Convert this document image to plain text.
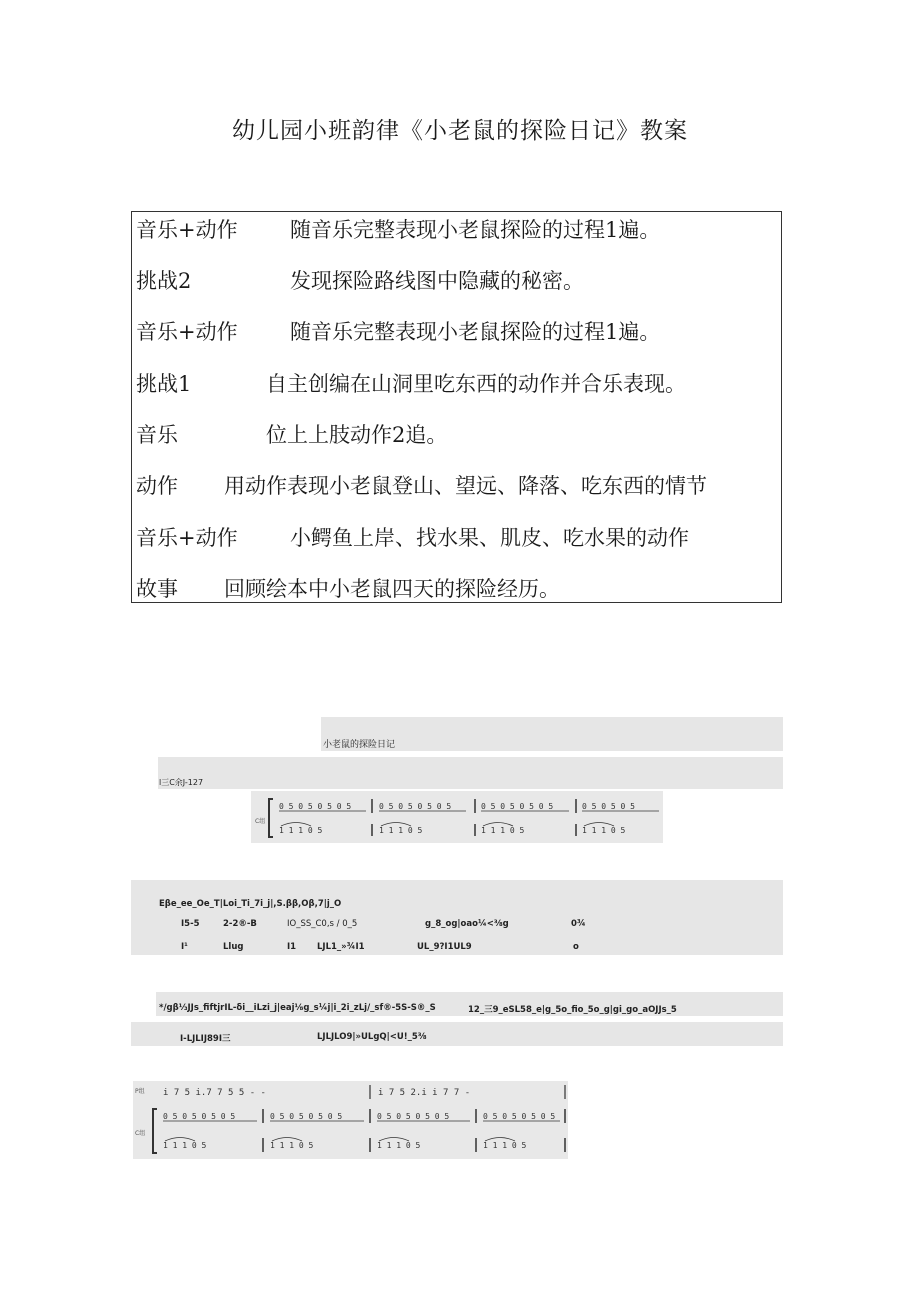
幼儿园小班韵律《小老鼠的探险日记》教案
音乐+动作 随音乐完整表现小老鼠探险的过程1遍。
挑战2	发现探险路线图中隐藏的秘密。
音乐+动作 随音乐完整表现小老鼠探险的过程1遍。
挑战1	自主创编在山洞里吃东西的动作并合乐表现。
音乐	位上上肢动作2追。
动作 用动作表现小老鼠登山、望远、降落、吃东西的情节
音乐+动作 小鳄鱼上岸、找水果、肌皮、吃水果的动作
故事 回顾绘本中小老鼠四天的探险经历。
小老鼠的探险日记
l三C余J-127
C组
0 5 0 5 0 5 0 5	0 5 0 5 0 5 0 5	0 5 0 5 0 5 0 5	0 5 0 5 0 5
1 1 1 0 5	1 1 1 0 5	1 1 1 0 5	1 1 1 0 5
Eβe_ee_Oe_T|Loi_Ti_7i_j|,S.ββ,Oβ,7|j_O
I5-5	2-2®-B	IO_SS_C0,s / 0_5	g_8_og|oao¼<⅜g	0¾
I¹	Llug	I1 LJL1_»¾I1	UL_9?I1UL9	o
*/gβ⅓JJs_fiftjrIL-δi__iLzi_j|eaj⅛g_s¼j|i_2i_zLj/_sf®-5S-S®_S	12_三9_eSL58_e|g_5o_fio_5o_g|gi_go_aOJJs_5
I-LJLIJ89I三	LJLJLO9|»ULgQ|<U!_5⅜
P组
C组
i 7 5 i.7 7 5 5 - -	i 7 5 2.i i 7 7 -
0 5 0 5 0 5 0 5	0 5 0 5 0 5 0 5	0 5 0 5 0 5 0 5	0 5 0 5 0 5 0 5
1 1 1 0 5	1 1 1 0 5	1 1 1 0 5	1 1 1 0 5
